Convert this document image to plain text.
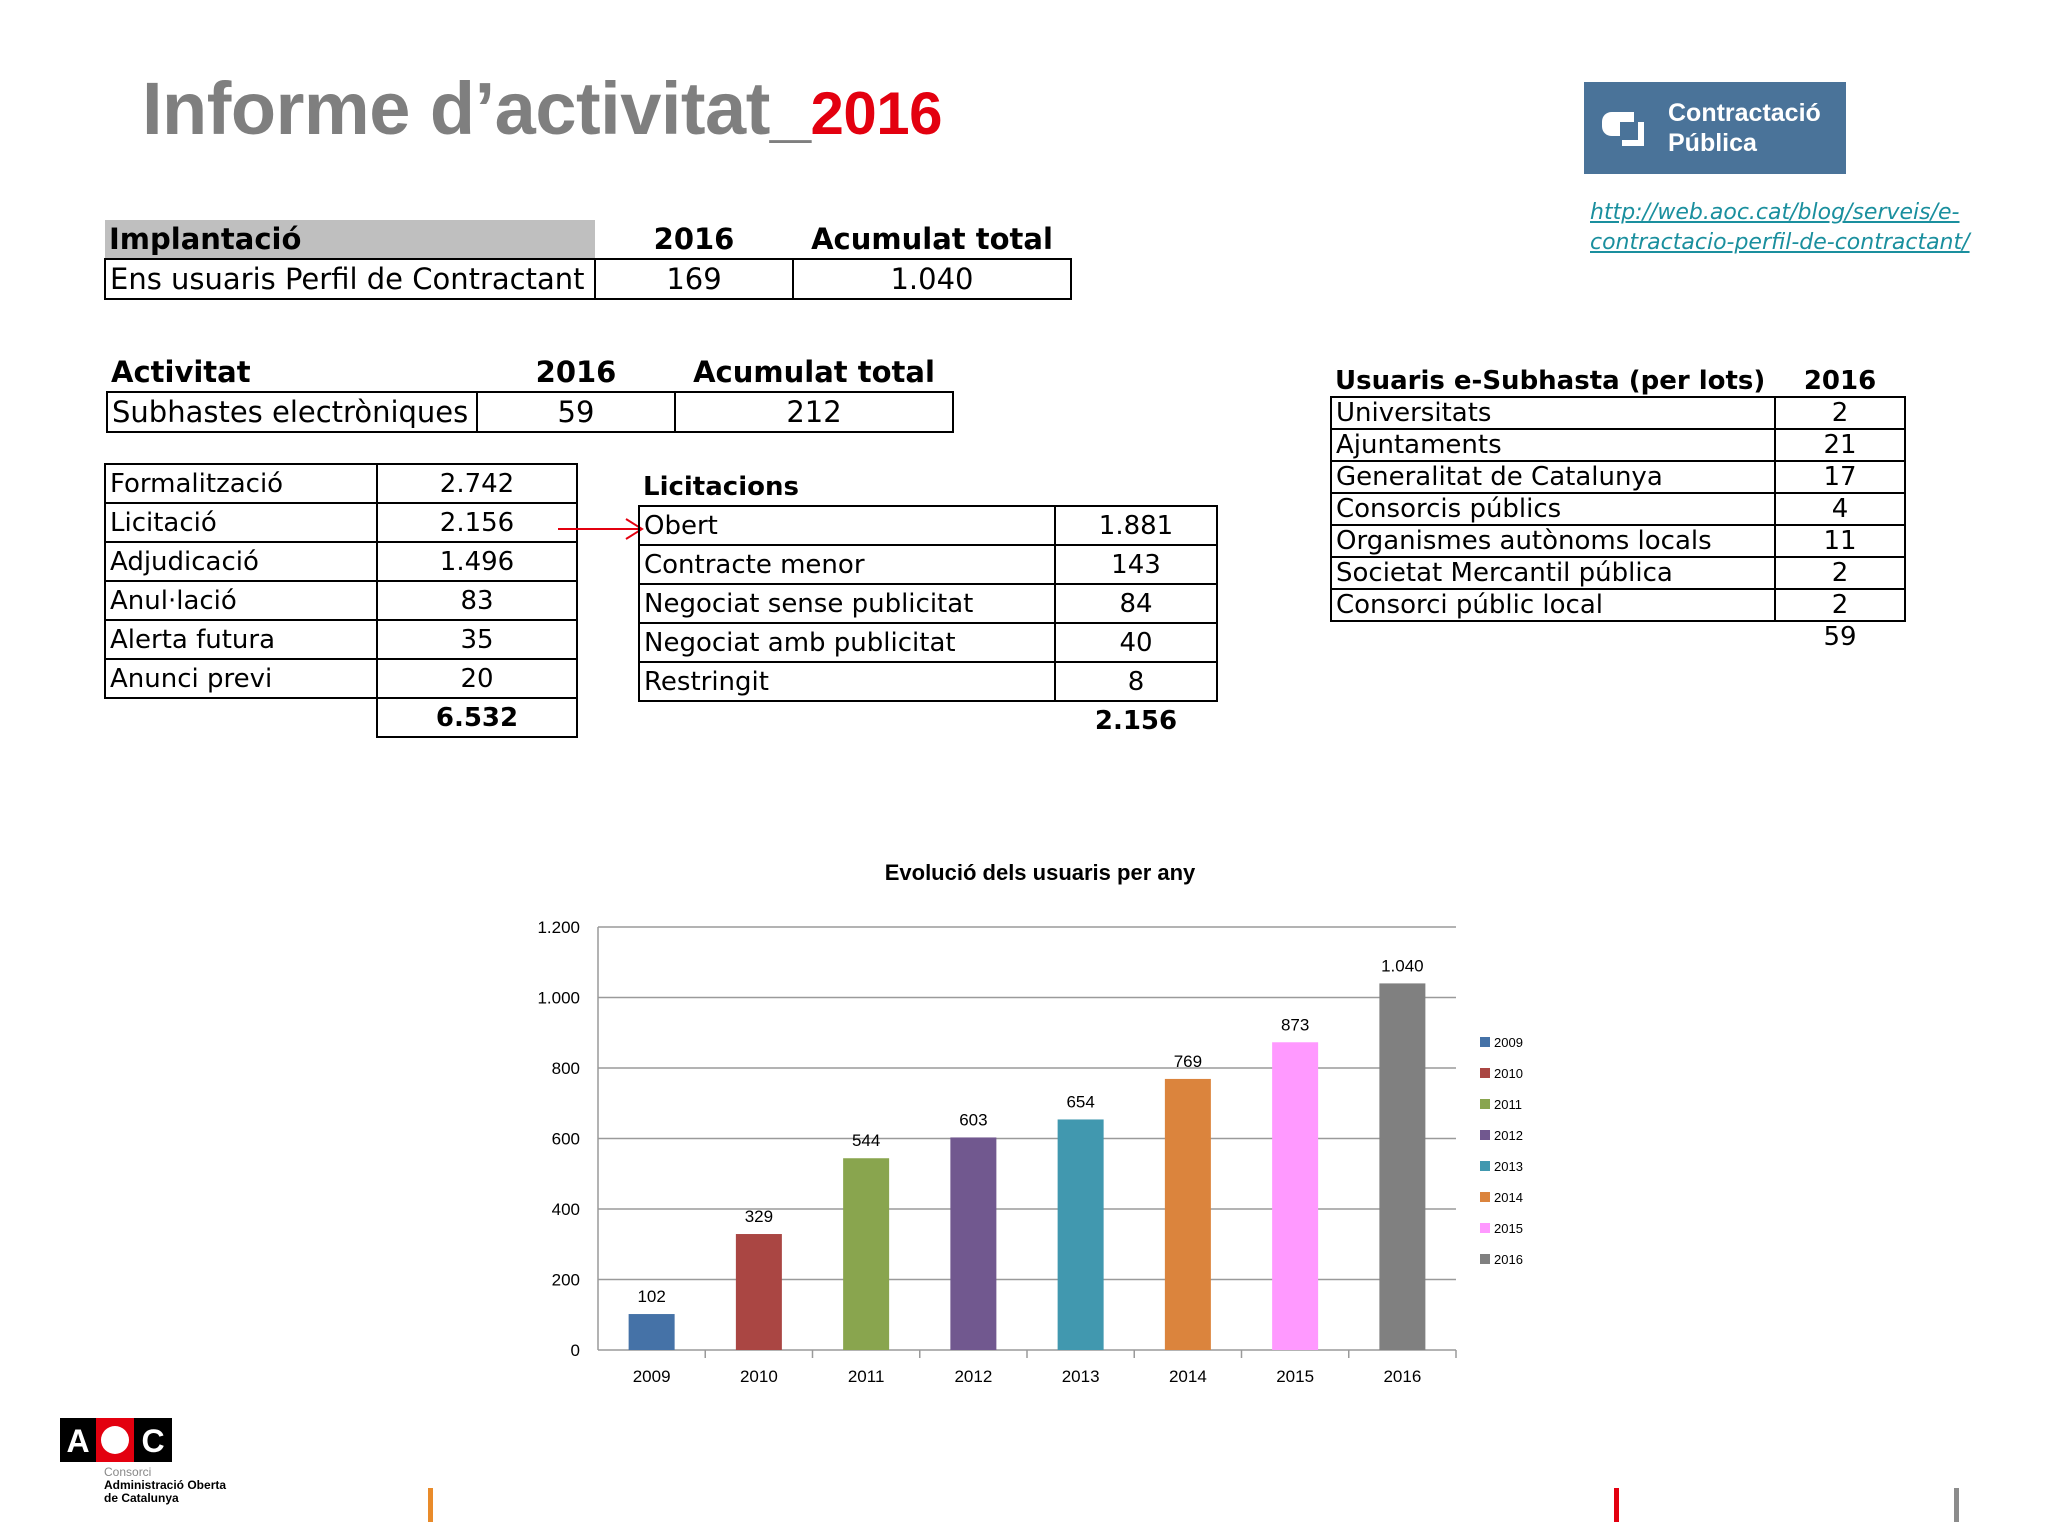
Informe d’activitat_2016	Contractació
Pública
http://web.aoc.cat/blog/serveis/e-contractacio-perfil-de-contractant/
Implantació	2016	Acumulat total
Ens usuaris Perfil de Contractant	169	1.040
Activitat	2016	Acumulat total
Subhastes electròniques	59	212
Formalització	2.742
Licitació	2.156
Adjudicació	1.496
Anul·lació	83
Alerta futura	35
Anunci previ	20
	6.532
Licitacions	
Obert	1.881
Contracte menor	143
Negociat sense publicitat	84
Negociat amb publicitat	40
Restringit	8
	2.156
Usuaris e-Subhasta (per lots)	2016
Universitats	2
Ajuntaments	21
Generalitat de Catalunya	17
Consorcis públics	4
Organismes autònoms locals	11
Societat Mercantil pública	2
Consorci públic local	2
	59
Evolució dels usuaris per any
0
200
400
600
800
1.000
1.200
102
2009
329
2010
544
2011
603
2012
654
2013
769
2014
873
2015
1.040
2016
2009
2010
2011
2012
2013
2014
2015
2016
A C
Consorci
Administració Oberta
de Catalunya
